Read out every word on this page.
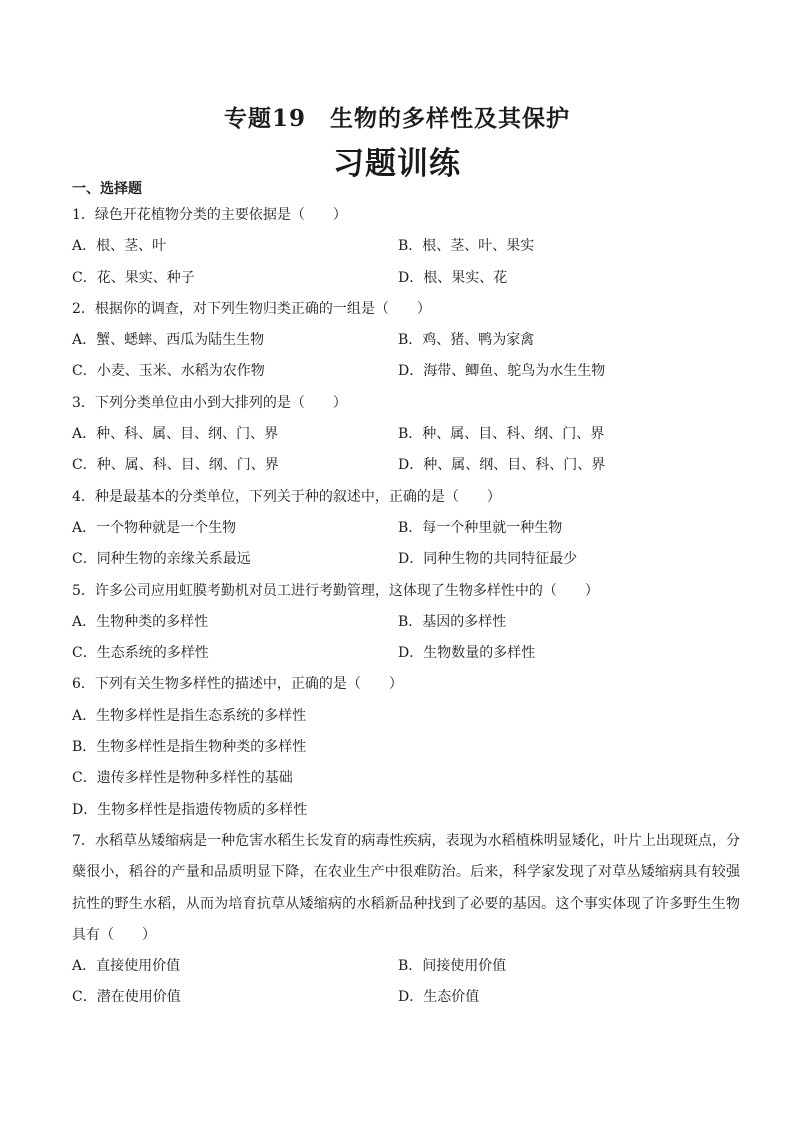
专题19　生物的多样性及其保护
习题训练
一、选择题
1．绿色开花植物分类的主要依据是（　　）
A．根、茎、叶	B．根、茎、叶、果实
C．花、果实、种子	D．根、果实、花
2．根据你的调查，对下列生物归类正确的一组是（　　）
A．蟹、蟋蟀、西瓜为陆生生物	B．鸡、猪、鸭为家禽
C．小麦、玉米、水稻为农作物	D．海带、鲫鱼、鸵鸟为水生生物
3．下列分类单位由小到大排列的是（　　）
A．种、科、属、目、纲、门、界	B．种、属、目、科、纲、门、界
C．种、属、科、目、纲、门、界	D．种、属、纲、目、科、门、界
4．种是最基本的分类单位，下列关于种的叙述中，正确的是（　　）
A．一个物种就是一个生物	B．每一个种里就一种生物
C．同种生物的亲缘关系最远	D．同种生物的共同特征最少
5．许多公司应用虹膜考勤机对员工进行考勤管理，这体现了生物多样性中的（　　）
A．生物种类的多样性	B．基因的多样性
C．生态系统的多样性	D．生物数量的多样性
6．下列有关生物多样性的描述中，正确的是（　　）
A．生物多样性是指生态系统的多样性
B．生物多样性是指生物种类的多样性
C．遗传多样性是物种多样性的基础
D．生物多样性是指遗传物质的多样性
7．水稻草丛矮缩病是一种危害水稻生长发育的病毒性疾病，表现为水稻植株明显矮化，叶片上出现斑点，分蘖很小，稻谷的产量和品质明显下降，在农业生产中很难防治。后来，科学家发现了对草丛矮缩病具有较强抗性的野生水稻，从而为培育抗草从矮缩病的水稻新品种找到了必要的基因。这个事实体现了许多野生生物具有（　　）
A．直接使用价值	B．间接使用价值
C．潜在使用价值	D．生态价值
